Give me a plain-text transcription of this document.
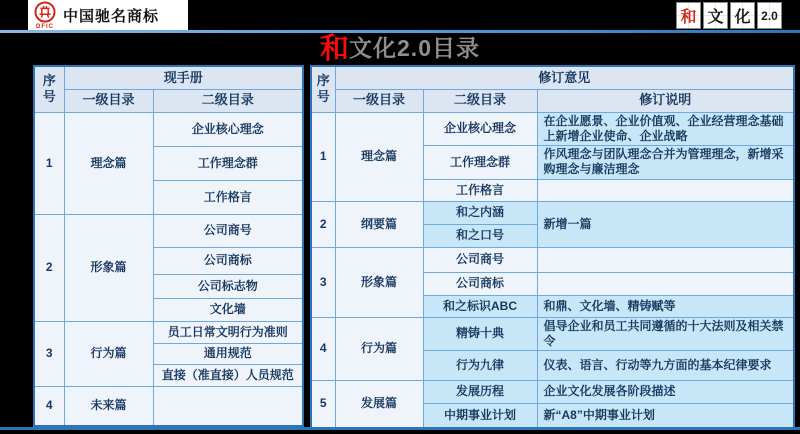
DFIC
中国驰名商标	和 文 化 2.0
和文化2.0目录
序号	现手册	
	一级目录	二级目录
1	理念篇	企业核心理念
		工作理念群
		工作格言
2	形象篇	公司商号
		公司商标
		公司标志物
		文化墙
3	行为篇	员工日常文明行为准则
		通用规范
		直接（准直接）人员规范
4	未来篇	
序号	修订意见		
	一级目录	二级目录	修订说明
1	理念篇	企业核心理念	在企业愿景、企业价值观、企业经营理念基础上新增企业使命、企业战略
		工作理念群	作风理念与团队理念合并为管理理念，新增采购理念与廉洁理念
		工作格言	
2	纲要篇	和之内涵	新增一篇
		和之口号	
3	形象篇	公司商号	
		公司商标	
		和之标识ABC	和鼎、文化墙、精铸赋等
4	行为篇	精铸十典	倡导企业和员工共同遵循的十大法则及相关禁令
		行为九律	仪表、语言、行动等九方面的基本纪律要求
5	发展篇	发展历程	企业文化发展各阶段描述
		中期事业计划	新“A8”中期事业计划
